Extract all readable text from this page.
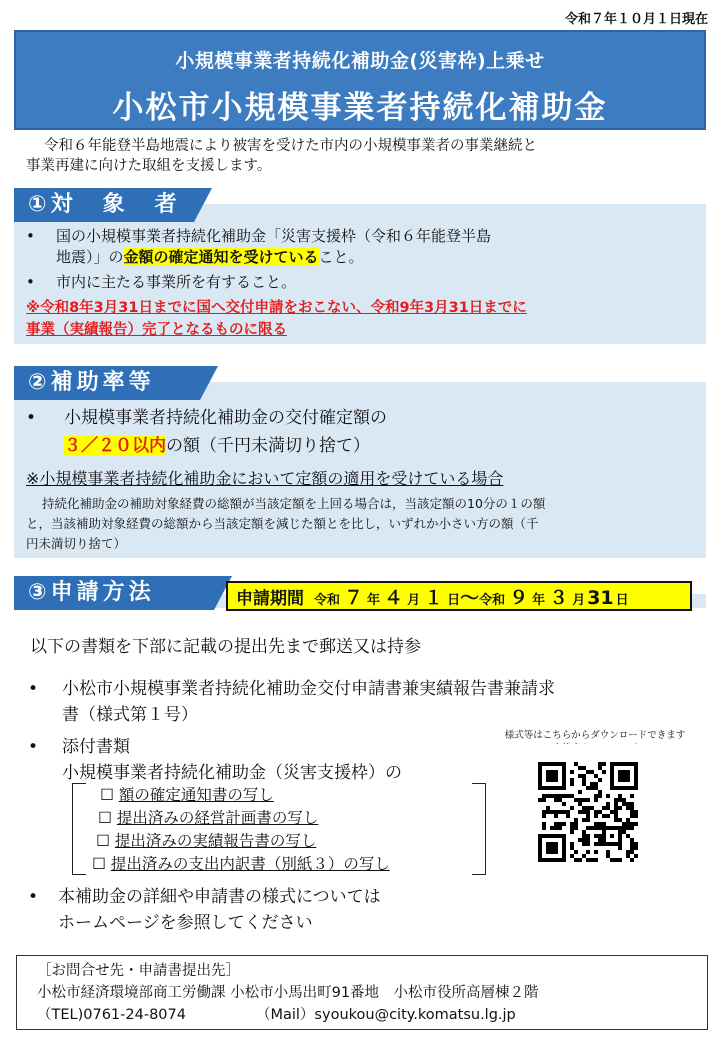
令和７年１０月１日現在
小規模事業者持続化補助金(災害枠)上乗せ
小松市小規模事業者持続化補助金
令和６年能登半島地震により被害を受けた市内の小規模事業者の事業継続と
事業再建に向けた取組を支援します。
①対　象　者
• 国の小規模事業者持続化補助金「災害支援枠（令和６年能登半島
地震）」の金額の確定通知を受けていること。
•	市内に主たる事業所を有すること。
※令和8年3月31日までに国へ交付申請をおこない、令和9年3月31日までに
事業（実績報告）完了となるものに限る
②補助率等
•	小規模事業者持続化補助金の交付確定額の
３／２０以内の額（千円未満切り捨て）
※小規模事業者持続化補助金において定額の適用を受けている場合
持続化補助金の補助対象経費の総額が当該定額を上回る場合は，当該定額の10分の１の額
と，当該補助対象経費の総額から当該定額を減じた額とを比し，いずれか小さい方の額（千
円未満切り捨て）
③申請方法	申請期間 令和 ７ 年 ４ 月 １ 日 〜 令和 ９ 年 ３ 月 31 日
以下の書類を下部に記載の提出先まで郵送又は持参
•	小松市小規模事業者持続化補助金交付申請書兼実績報告書兼請求
書（様式第１号）
•	添付書類
小規模事業者持続化補助金（災害支援枠）の
☐ 額の確定通知書の写し
☐ 提出済みの経営計画書の写し
☐ 提出済みの実績報告書の写し
☐ 提出済みの支出内訳書（別紙３）の写し
•	本補助金の詳細や申請書の様式については
ホームページを参照してください
様式等はこちらからダウンロードできます
［お問合せ先・申請書提出先］
小松市経済環境部商工労働課 小松市小馬出町91番地　小松市役所高層棟２階
（TEL)0761-24-8074	（Mail）syoukou@city.komatsu.lg.jp
